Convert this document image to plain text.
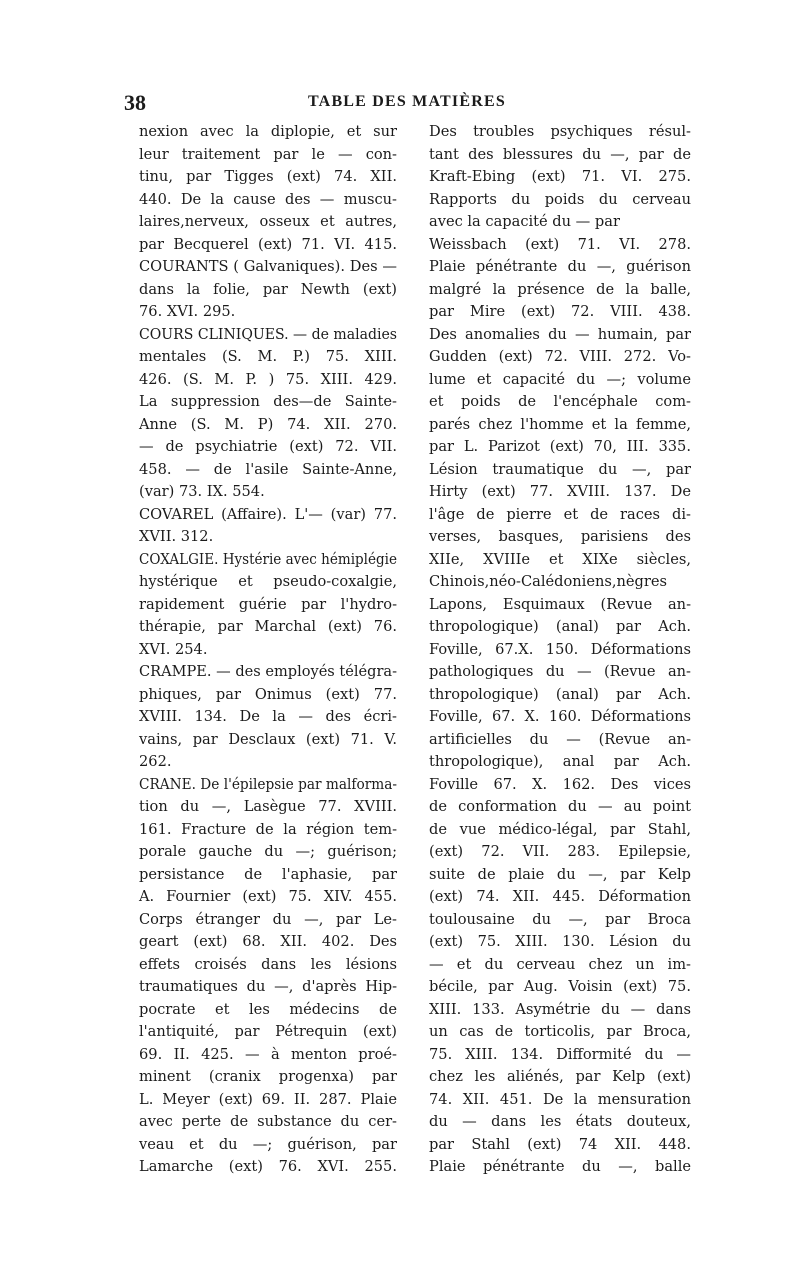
38	TABLE DES MATIÈRES
nexion avec la diplopie, et sur
leur traitement par le — con-
tinu, par Tigges (ext) 74. XII.
440. De la cause des — muscu-
laires,nerveux, osseux et autres,
par Becquerel (ext) 71. VI. 415.
COURANTS ( Galvaniques). Des —
dans la folie, par Newth (ext)
76. XVI. 295.
COURS CLINIQUES. — de maladies
mentales (S. M. P.) 75. XIII.
426. (S. M. P. ) 75. XIII. 429.
La suppression des—de Sainte-
Anne (S. M. P) 74. XII. 270.
— de psychiatrie (ext) 72. VII.
458. — de l'asile Sainte-Anne,
(var) 73. IX. 554.
COVAREL (Affaire). L'— (var) 77.
XVII. 312.
COXALGIE. Hystérie avec hémiplégie
hystérique et pseudo-coxalgie,
rapidement guérie par l'hydro-
thérapie, par Marchal (ext) 76.
XVI. 254.
CRAMPE. — des employés télégra-
phiques, par Onimus (ext) 77.
XVIII. 134. De la — des écri-
vains, par Desclaux (ext) 71. V.
262.
CRANE. De l'épilepsie par malforma-
tion du —, Lasègue 77. XVIII.
161. Fracture de la région tem-
porale gauche du —; guérison;
persistance de l'aphasie, par
A. Fournier (ext) 75. XIV. 455.
Corps étranger du —, par Le-
geart (ext) 68. XII. 402. Des
effets croisés dans les lésions
traumatiques du —, d'après Hip-
pocrate et les médecins de
l'antiquité, par Pétrequin (ext)
69. II. 425. — à menton proé-
minent (cranix progenxa) par
L. Meyer (ext) 69. II. 287. Plaie
avec perte de substance du cer-
veau et du —; guérison, par
Lamarche (ext) 76. XVI. 255.
Des troubles psychiques résul-
tant des blessures du —, par de
Kraft-Ebing (ext) 71. VI. 275.
Rapports du poids du cerveau
avec la capacité du — par
Weissbach (ext) 71. VI. 278.
Plaie pénétrante du —, guérison
malgré la présence de la balle,
par Mire (ext) 72. VIII. 438.
Des anomalies du — humain, par
Gudden (ext) 72. VIII. 272. Vo-
lume et capacité du —; volume
et poids de l'encéphale com-
parés chez l'homme et la femme,
par L. Parizot (ext) 70, III. 335.
Lésion traumatique du —, par
Hirty (ext) 77. XVIII. 137. De
l'âge de pierre et de races di-
verses, basques, parisiens des
XIIe, XVIIIe et XIXe siècles,
Chinois,néo-Calédoniens,nègres
Lapons, Esquimaux (Revue an-
thropologique) (anal) par Ach.
Foville, 67.X. 150. Déformations
pathologiques du — (Revue an-
thropologique) (anal) par Ach.
Foville, 67. X. 160. Déformations
artificielles du — (Revue an-
thropologique), anal par Ach.
Foville 67. X. 162. Des vices
de conformation du — au point
de vue médico-légal, par Stahl,
(ext) 72. VII. 283. Epilepsie,
suite de plaie du —, par Kelp
(ext) 74. XII. 445. Déformation
toulousaine du —, par Broca
(ext) 75. XIII. 130. Lésion du
— et du cerveau chez un im-
bécile, par Aug. Voisin (ext) 75.
XIII. 133. Asymétrie du — dans
un cas de torticolis, par Broca,
75. XIII. 134. Difformité du —
chez les aliénés, par Kelp (ext)
74. XII. 451. De la mensuration
du — dans les états douteux,
par Stahl (ext) 74 XII. 448.
Plaie pénétrante du —, balle
